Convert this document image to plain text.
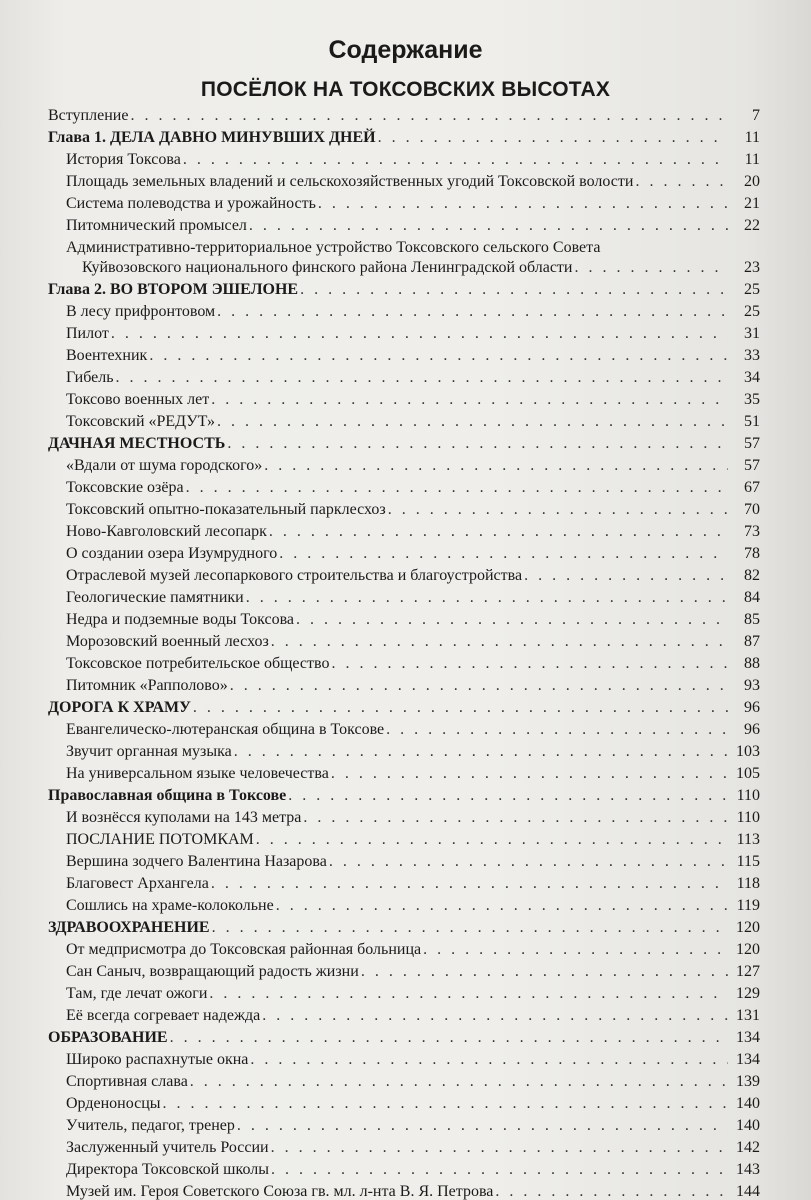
Содержание
ПОСЁЛОК НА ТОКСОВСКИХ ВЫСОТАХ
Вступление . . .	7
Глава 1. ДЕЛА ДАВНО МИНУВШИХ ДНЕЙ . . .	11
История Токсова . . .	11
Площадь земельных владений и сельскохозяйственных угодий Токсовской волости . . .	20
Система полеводства и урожайность . . .	21
Питомнический промысел . . .	22
Административно-территориальное устройство Токсовского сельского Совета
Куйвозовского национального финского района Ленинградской области . . .	23
Глава 2. ВО ВТОРОМ ЭШЕЛОНЕ . . .	25
В лесу прифронтовом . . .	25
Пилот . . .	31
Воентехник . . .	33
Гибель . . .	34
Токсово военных лет . . .	35
Токсовский «РЕДУТ» . . .	51
ДАЧНАЯ МЕСТНОСТЬ . . .	57
«Вдали от шума городского» . . .	57
Токсовские озёра . . .	67
Токсовский опытно-показательный парклесхоз . . .	70
Ново-Кавголовский лесопарк . . .	73
О создании озера Изумрудного . . .	78
Отраслевой музей лесопаркового строительства и благоустройства . . .	82
Геологические памятники . . .	84
Недра и подземные воды Токсова . . .	85
Морозовский военный лесхоз . . .	87
Токсовское потребительское общество . . .	88
Питомник «Рапполово» . . .	93
ДОРОГА К ХРАМУ . . .	96
Евангелическо-лютеранская община в Токсове . . .	96
Звучит органная музыка . . .	103
На универсальном языке человечества . . .	105
Православная община в Токсове . . .	110
И вознёсся куполами на 143 метра . . .	110
ПОСЛАНИЕ ПОТОМКАМ . . .	113
Вершина зодчего Валентина Назарова . . .	115
Благовест Архангела . . .	118
Сошлись на храме-колокольне . . .	119
ЗДРАВООХРАНЕНИЕ . . .	120
От медприсмотра до Токсовская районная больница . . .	120
Сан Саныч, возвращающий радость жизни . . .	127
Там, где лечат ожоги . . .	129
Её всегда согревает надежда . . .	131
ОБРАЗОВАНИЕ . . .	134
Широко распахнутые окна . . .	134
Спортивная слава . . .	139
Орденоносцы . . .	140
Учитель, педагог, тренер . . .	140
Заслуженный учитель России . . .	142
Директора Токсовской школы . . .	143
Музей им. Героя Советского Союза гв. мл. л-нта В. Я. Петрова . . .	144
